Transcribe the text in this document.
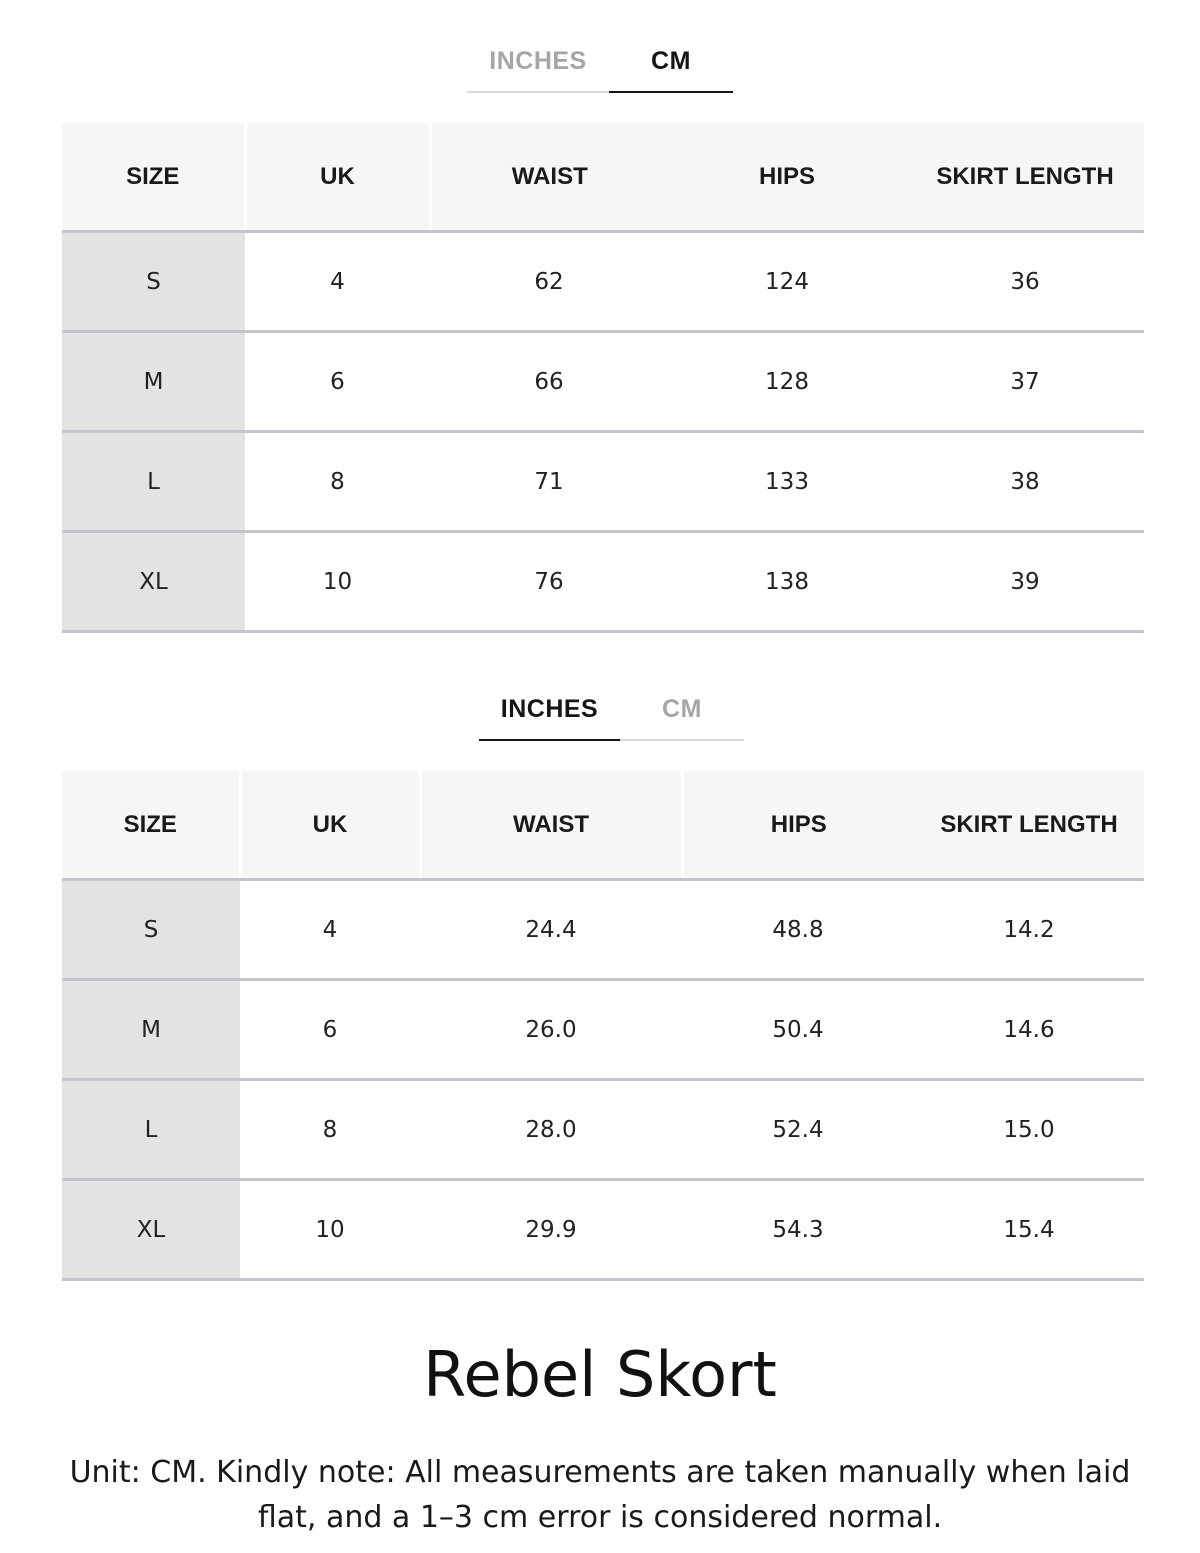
INCHES	CM
SIZE	UK	WAIST	HIPS	SKIRT LENGTH
S	4	62	124	36
M	6	66	128	37
L	8	71	133	38
XL	10	76	138	39
INCHES	CM
SIZE	UK	WAIST	HIPS	SKIRT LENGTH
S	4	24.4	48.8	14.2
M	6	26.0	50.4	14.6
L	8	28.0	52.4	15.0
XL	10	29.9	54.3	15.4
Rebel Skort
Unit: CM. Kindly note: All measurements are taken manually when laid
flat, and a 1–3 cm error is considered normal.
